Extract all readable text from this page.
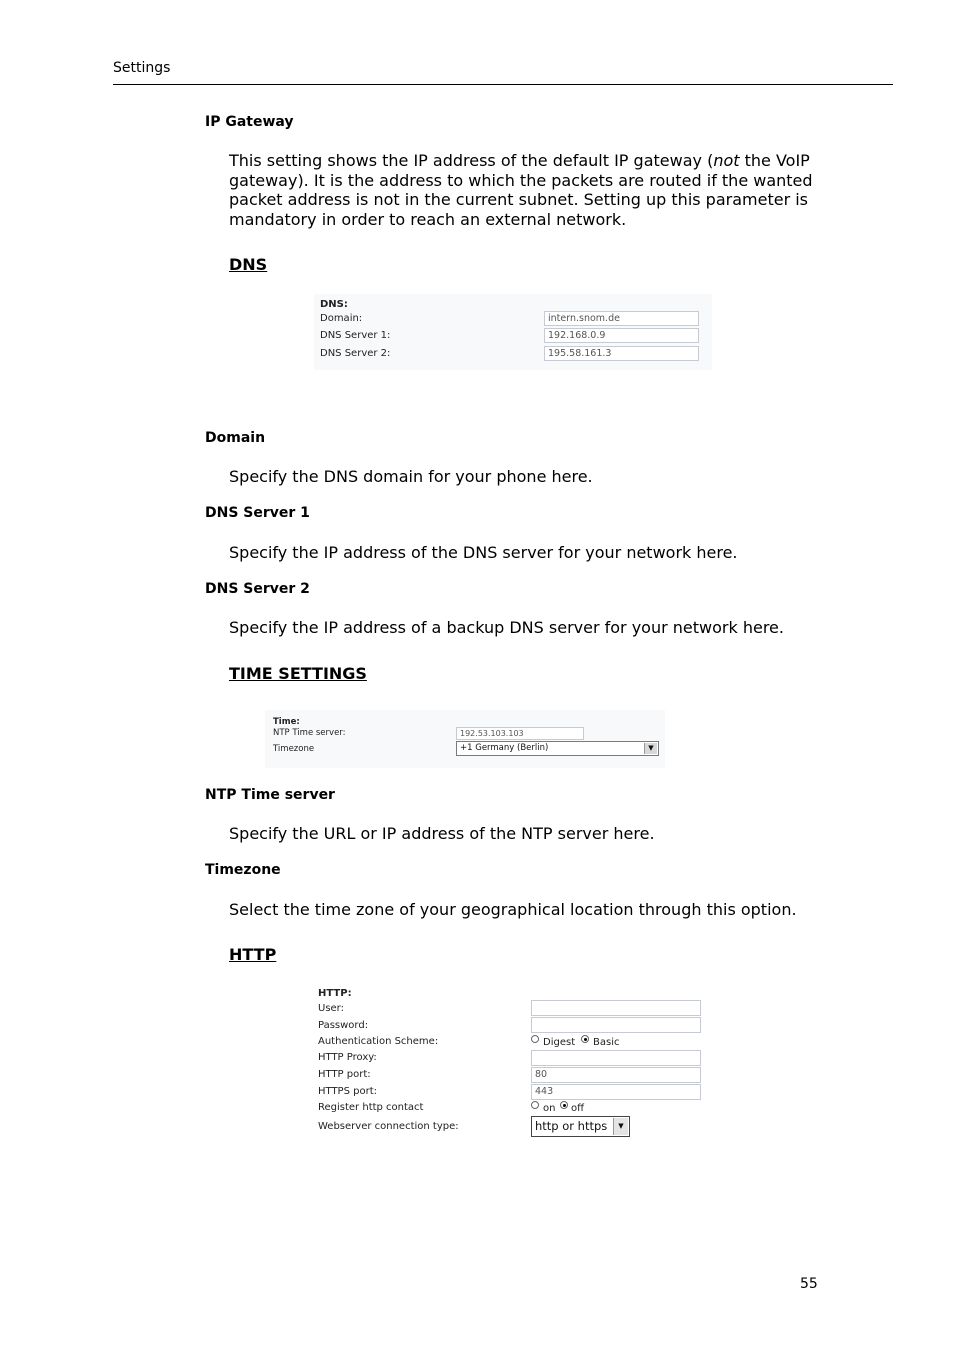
Settings
IP Gateway
This setting shows the IP address of the default IP gateway (not the VoIP gateway). It is the address to which the packets are routed if the wanted packet address is not in the current subnet. Setting up this parameter is mandatory in order to reach an external network.
DNS
DNS:
Domain:	intern.snom.de
DNS Server 1:	192.168.0.9
DNS Server 2:	195.58.161.3
Domain
Specify the DNS domain for your phone here.
DNS Server 1
Specify the IP address of the DNS server for your network here.
DNS Server 2
Specify the IP address of a backup DNS server for your network here.
TIME SETTINGS
Time:
NTP Time server:	192.53.103.103
Timezone	+1 Germany (Berlin)	▼
NTP Time server
Specify the URL or IP address of the NTP server here.
Timezone
Select the time zone of your geographical location through this option.
HTTP
HTTP:
User:
Password:
Authentication Scheme:	Digest Basic
HTTP Proxy:
HTTP port:	80
HTTPS port:	443
Register http contact	on off
Webserver connection type:	http or https	▼
55
